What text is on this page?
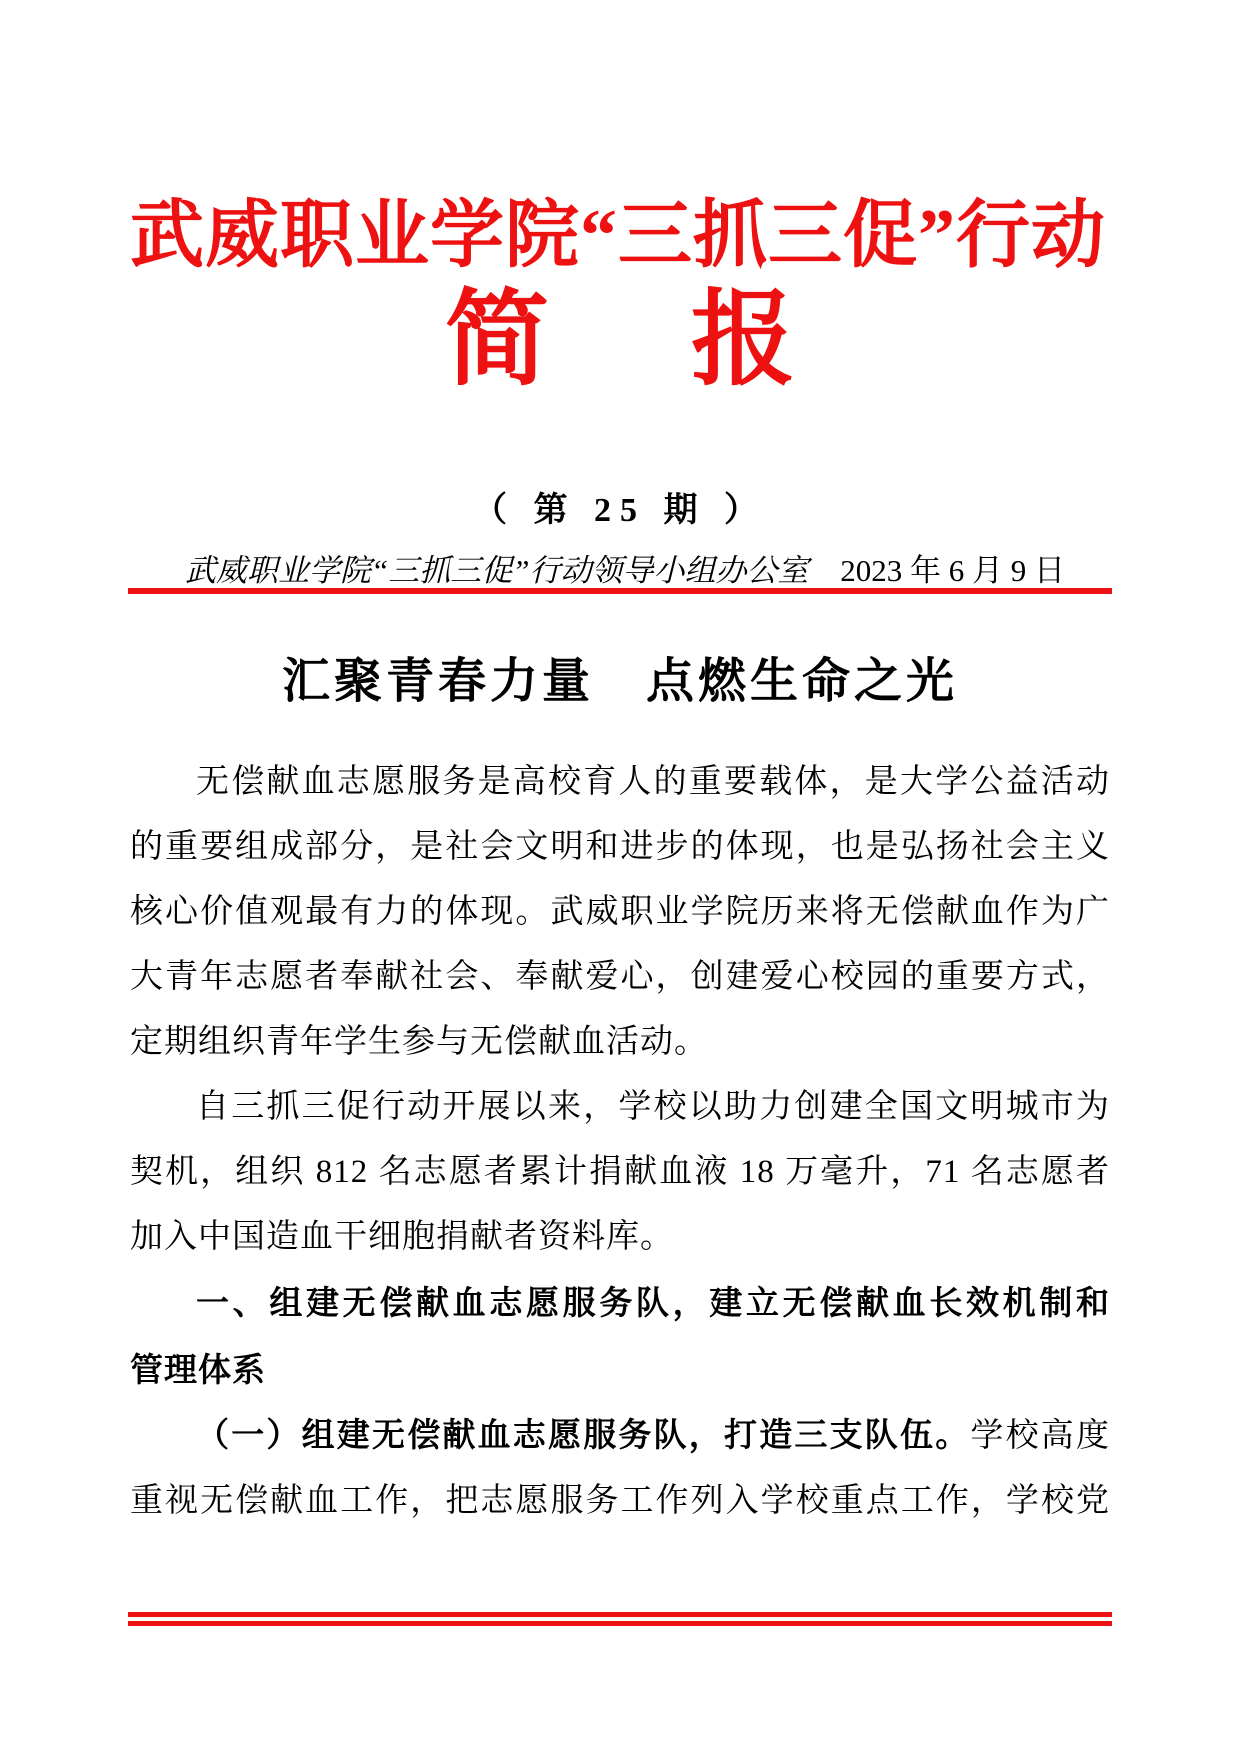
武威职业学院“三抓三促”行动
简 报
（ 第 25 期 ）
武威职业学院“三抓三促”行动领导小组办公室 2023 年 6 月 9 日
汇聚青春力量 点燃生命之光
无偿献血志愿服务是高校育人的重要载体，是大学公益活动
的重要组成部分，是社会文明和进步的体现，也是弘扬社会主义
核心价值观最有力的体现。武威职业学院历来将无偿献血作为广
大青年志愿者奉献社会、奉献爱心，创建爱心校园的重要方式，
定期组织青年学生参与无偿献血活动。
自三抓三促行动开展以来，学校以助力创建全国文明城市为
契机，组织 812 名志愿者累计捐献血液 18 万毫升，71 名志愿者
加入中国造血干细胞捐献者资料库。
一、组建无偿献血志愿服务队，建立无偿献血长效机制和
管理体系
（一）组建无偿献血志愿服务队，打造三支队伍。学校高度
重视无偿献血工作，把志愿服务工作列入学校重点工作，学校党
